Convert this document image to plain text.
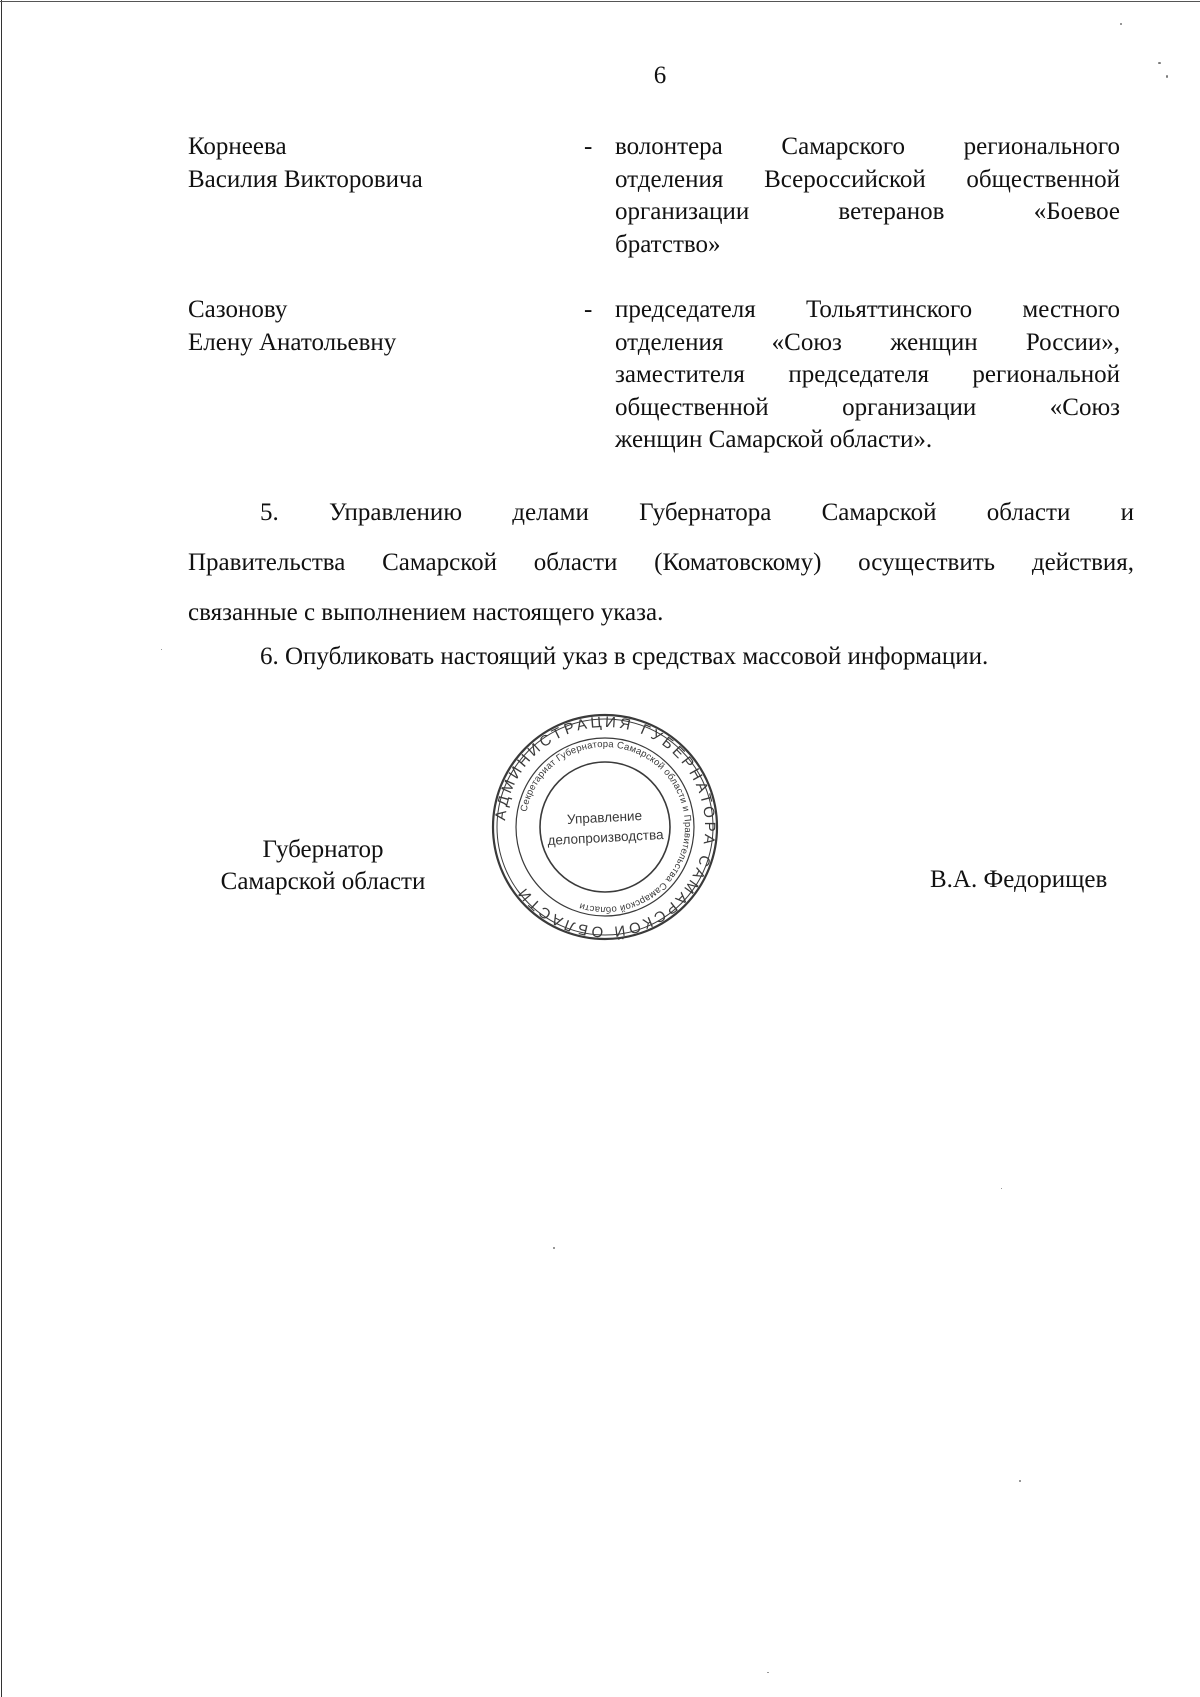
6
Корнеева
Василия Викторовича
- волонтера Самарского регионального
отделения Всероссийской общественной
организации ветеранов «Боевое
братство»
Сазонову
Елену Анатольевну
- председателя Тольяттинского местного
отделения «Союз женщин России»,
заместителя председателя региональной
общественной организации «Союз
женщин Самарской области».
5. Управлению делами Губернатора Самарской области и
Правительства Самарской области (Коматовскому) осуществить действия,
связанные с выполнением настоящего указа.
6. Опубликовать настоящий указ в средствах массовой информации.
Губернатор
Самарской области
АДМИНИСТРАЦИЯ ГУБЕРНАТОРА САМАРСКОЙ ОБЛАСТИ
Секретариат Губернатора Самарской области и Правительства Самарской области
Управление
делопроизводства
В.А. Федорищев
